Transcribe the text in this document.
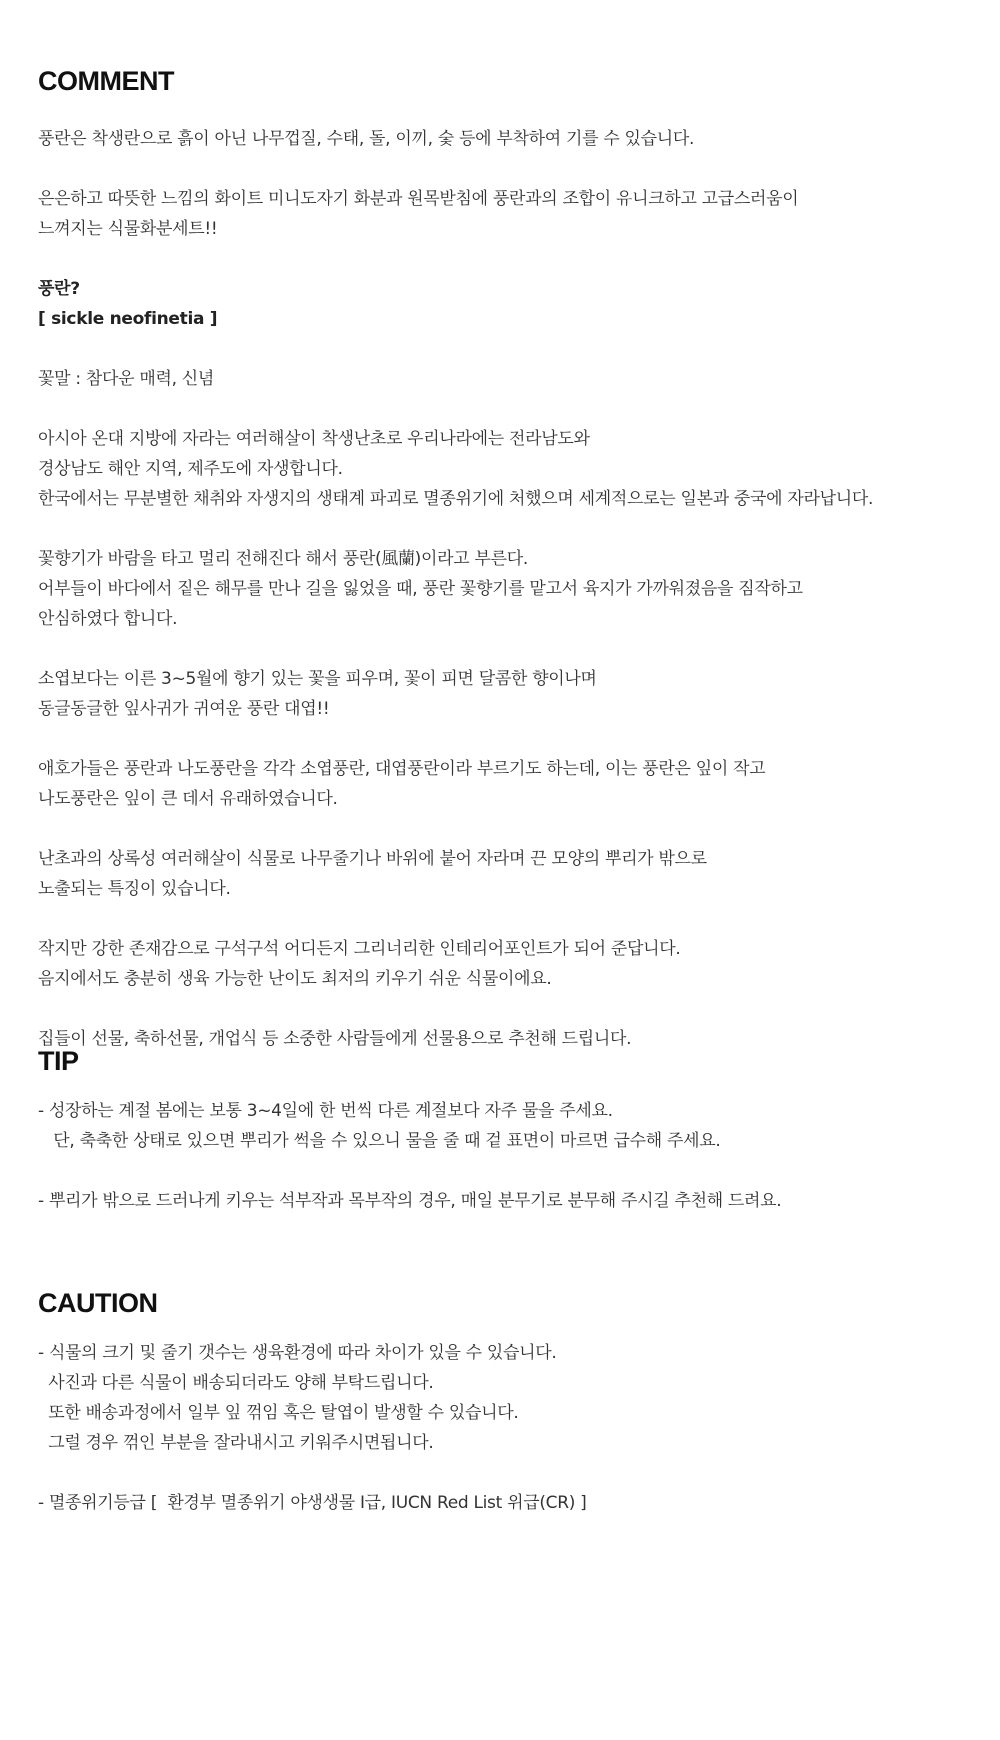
COMMENT
풍란은 착생란으로 흙이 아닌 나무껍질, 수태, 돌, 이끼, 숯 등에 부착하여 기를 수 있습니다.
은은하고 따뜻한 느낌의 화이트 미니도자기 화분과 원목받침에 풍란과의 조합이 유니크하고 고급스러움이
느껴지는 식물화분세트!!
풍란?
[ sickle neofinetia ]
꽃말 : 참다운 매력, 신념
아시아 온대 지방에 자라는 여러해살이 착생난초로 우리나라에는 전라남도와
경상남도 해안 지역, 제주도에 자생합니다.
한국에서는 무분별한 채취와 자생지의 생태계 파괴로 멸종위기에 처했으며 세계적으로는 일본과 중국에 자라납니다.
꽃향기가 바람을 타고 멀리 전해진다 해서 풍란(風蘭)이라고 부른다.
어부들이 바다에서 짙은 해무를 만나 길을 잃었을 때, 풍란 꽃향기를 맡고서 육지가 가까워졌음을 짐작하고
안심하였다 합니다.
소엽보다는 이른 3~5월에 향기 있는 꽃을 피우며, 꽃이 피면 달콤한 향이나며
동글동글한 잎사귀가 귀여운 풍란 대엽!!
애호가들은 풍란과 나도풍란을 각각 소엽풍란, 대엽풍란이라 부르기도 하는데, 이는 풍란은 잎이 작고
나도풍란은 잎이 큰 데서 유래하였습니다.
난초과의 상록성 여러해살이 식물로 나무줄기나 바위에 붙어 자라며 끈 모양의 뿌리가 밖으로
노출되는 특징이 있습니다.
작지만 강한 존재감으로 구석구석 어디든지 그리너리한 인테리어포인트가 되어 준답니다.
음지에서도 충분히 생육 가능한 난이도 최저의 키우기 쉬운 식물이에요.
집들이 선물, 축하선물, 개업식 등 소중한 사람들에게 선물용으로 추천해 드립니다.
TIP
- 성장하는 계절 봄에는 보통 3~4일에 한 번씩 다른 계절보다 자주 물을 주세요.
단, 축축한 상태로 있으면 뿌리가 썩을 수 있으니 물을 줄 때 겉 표면이 마르면 급수해 주세요.
- 뿌리가 밖으로 드러나게 키우는 석부작과 목부작의 경우, 매일 분무기로 분무해 주시길 추천해 드려요.
CAUTION
- 식물의 크기 및 줄기 갯수는 생육환경에 따라 차이가 있을 수 있습니다.
사진과 다른 식물이 배송되더라도 양해 부탁드립니다.
또한 배송과정에서 일부 잎 꺾임 혹은 탈엽이 발생할 수 있습니다.
그럴 경우 꺾인 부분을 잘라내시고 키워주시면됩니다.
- 멸종위기등급 [  환경부 멸종위기 야생생물 I급, IUCN Red List 위급(CR) ]
